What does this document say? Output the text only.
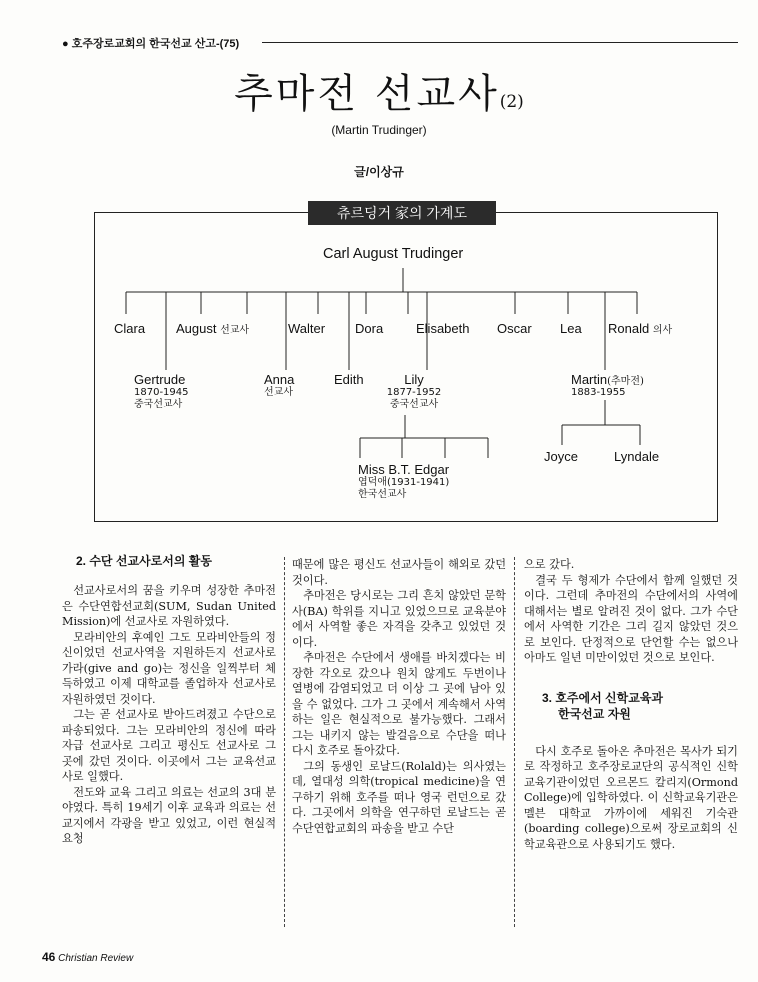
● 호주장로교회의 한국선교 산고-(75)
추마전 선교사(2)
(Martin Trudinger)
글/이상규
츄르딩거 家의 가계도
Carl August Trudinger
Clara August 선교사	Walter Dora	Elisabeth Oscar Lea Ronald 의사
Gertrude
1870-1945
중국선교사
Anna
선교사
Edith	Lily
1877-1952
중국선교사
Martin(추마전)
1883-1955
Miss B.T. Edgar
엽덕애(1931-1941)
한국선교사
Joyce	Lyndale
2. 수단 선교사로서의 활동

선교사로서의 꿈을 키우며 성장한 추마전은 수단연합선교회(SUM, Sudan United Mission)에 선교사로 자원하였다.

모라비안의 후예인 그도 모라비안들의 정신이었던 선교사역을 지원하든지 선교사로 가라(give and go)는 정신을 일찍부터 체득하였고 이제 대학교를 졸업하자 선교사로 자원하였던 것이다.

그는 곧 선교사로 받아드려졌고 수단으로 파송되었다. 그는 모라비안의 정신에 따라 자급 선교사로 그리고 평신도 선교사로 그 곳에 갔던 것이다. 이곳에서 그는 교육선교사로 일했다.

전도와 교육 그리고 의료는 선교의 3대 분야였다. 특히 19세기 이후 교육과 의료는 선교지에서 각광을 받고 있었고, 이런 현실적 요청

때문에 많은 평신도 선교사들이 해외로 갔던 것이다.

추마전은 당시로는 그리 흔치 않았던 문학사(BA) 학위를 지니고 있었으므로 교육분야에서 사역할 좋은 자격을 갖추고 있었던 것이다.

추마전은 수단에서 생애를 바치겠다는 비장한 각오로 갔으나 원치 않게도 두번이나 열병에 감염되었고 더 이상 그 곳에 남아 있을 수 없었다. 그가 그 곳에서 계속해서 사역하는 일은 현실적으로 불가능했다. 그래서 그는 내키지 않는 발걸음으로 수단을 떠나 다시 호주로 돌아갔다.

그의 동생인 로날드(Rolald)는 의사였는데, 열대성 의학(tropical medicine)을 연구하기 위해 호주를 떠나 영국 런던으로 갔다. 그곳에서 의학을 연구하던 로날드는 곧 수단연합교회의 파송을 받고 수단

으로 갔다.

결국 두 형제가 수단에서 함께 일했던 것이다. 그런데 추마전의 수단에서의 사역에 대해서는 별로 알려진 것이 없다. 그가 수단에서 사역한 기간은 그리 길지 않았던 것으로 보인다. 단정적으로 단언할 수는 없으나 아마도 일년 미만이었던 것으로 보인다.

3. 호주에서 신학교육과
한국선교 자원

다시 호주로 돌아온 추마전은 목사가 되기로 작정하고 호주장로교단의 공식적인 신학교육기관이었던 오르몬드 칼리지(Ormond College)에 입학하였다. 이 신학교육기관은 멜븐 대학교 가까이에 세워진 기숙관(boarding college)으로써 장로교회의 신학교육관으로 사용되기도 했다.

46 Christian Review
